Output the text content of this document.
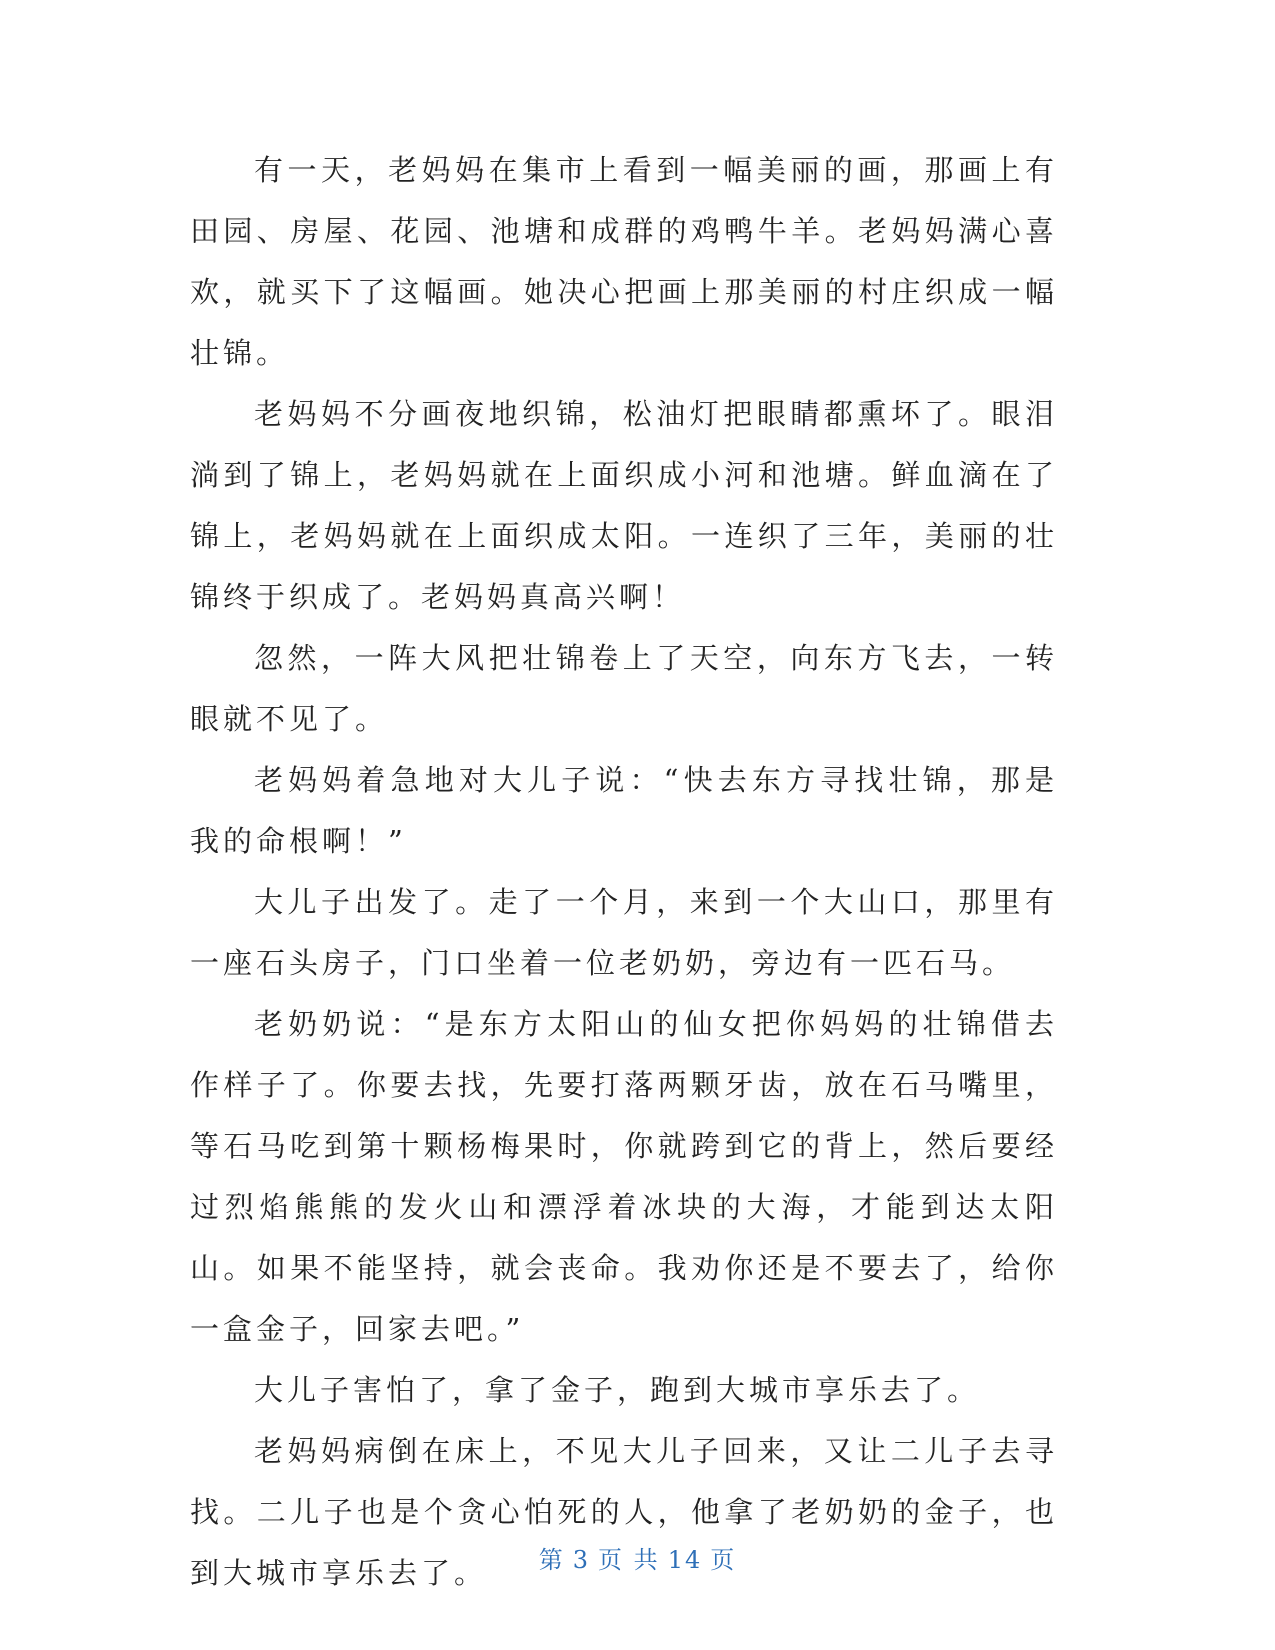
有一天，老妈妈在集市上看到一幅美丽的画，那画上有田园、房屋、花园、池塘和成群的鸡鸭牛羊。老妈妈满心喜欢，就买下了这幅画。她决心把画上那美丽的村庄织成一幅壮锦。

老妈妈不分画夜地织锦，松油灯把眼睛都熏坏了。眼泪淌到了锦上，老妈妈就在上面织成小河和池塘。鲜血滴在了锦上，老妈妈就在上面织成太阳。一连织了三年，美丽的壮锦终于织成了。老妈妈真高兴啊！

忽然，一阵大风把壮锦卷上了天空，向东方飞去，一转眼就不见了。

老妈妈着急地对大儿子说：“快去东方寻找壮锦，那是我的命根啊！”

大儿子出发了。走了一个月，来到一个大山口，那里有一座石头房子，门口坐着一位老奶奶，旁边有一匹石马。

老奶奶说：“是东方太阳山的仙女把你妈妈的壮锦借去作样子了。你要去找，先要打落两颗牙齿，放在石马嘴里，等石马吃到第十颗杨梅果时，你就跨到它的背上，然后要经过烈焰熊熊的发火山和漂浮着冰块的大海，才能到达太阳山。如果不能坚持，就会丧命。我劝你还是不要去了，给你一盒金子，回家去吧。”

大儿子害怕了，拿了金子，跑到大城市享乐去了。

老妈妈病倒在床上，不见大儿子回来，又让二儿子去寻找。二儿子也是个贪心怕死的人，他拿了老奶奶的金子，也到大城市享乐去了。	第 3 页 共 14 页
